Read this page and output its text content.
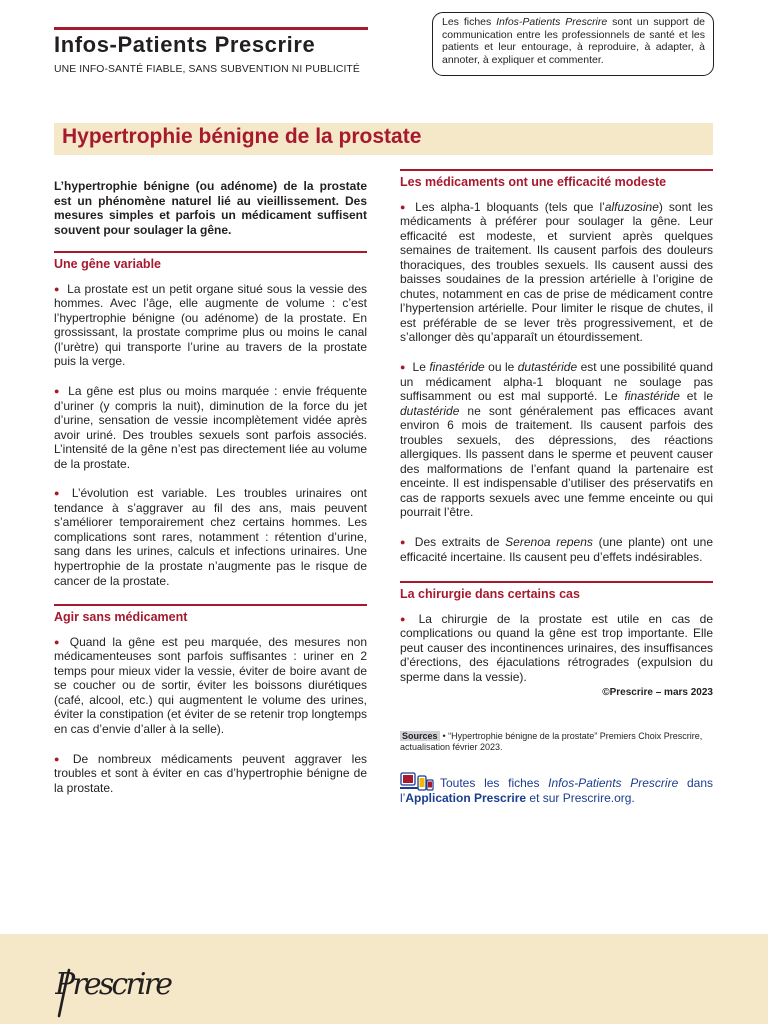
Infos-Patients Prescrire
UNE INFO-SANTÉ FIABLE, SANS SUBVENTION NI PUBLICITÉ
Les fiches Infos-Patients Prescrire sont un support de communication entre les professionnels de santé et les patients et leur entourage, à reproduire, à adapter, à annoter, à expliquer et commenter.
Hypertrophie bénigne de la prostate

L’hypertrophie bénigne (ou adénome) de la prostate est un phénomène naturel lié au vieillissement. Des mesures simples et parfois un médicament suffisent souvent pour soulager la gêne.

Une gêne variable

● La prostate est un petit organe situé sous la vessie des hommes. Avec l’âge, elle augmente de volume : c’est l’hypertrophie bénigne (ou adénome) de la prostate. En grossissant, la prostate comprime plus ou moins le canal (l’urètre) qui transporte l’urine au travers de la prostate puis la verge.

● La gêne est plus ou moins marquée : envie fréquente d’uriner (y compris la nuit), diminution de la force du jet d’urine, sensation de vessie incomplètement vidée après avoir uriné. Des troubles sexuels sont parfois associés. L’intensité de la gêne n’est pas directement liée au volume de la prostate.

● L’évolution est variable. Les troubles urinaires ont tendance à s’aggraver au fil des ans, mais peuvent s’améliorer temporairement chez certains hommes. Les complications sont rares, notamment : rétention d’urine, sang dans les urines, calculs et infections urinaires. Une hypertrophie de la prostate n’augmente pas le risque de cancer de la prostate.

Agir sans médicament

● Quand la gêne est peu marquée, des mesures non médicamenteuses sont parfois suffisantes : uriner en 2 temps pour mieux vider la vessie, éviter de boire avant de se coucher ou de sortir, éviter les boissons diurétiques (café, alcool, etc.) qui augmentent le volume des urines, éviter la constipation (et éviter de se retenir trop longtemps en cas d’envie d’aller à la selle).

● De nombreux médicaments peuvent aggraver les troubles et sont à éviter en cas d’hypertrophie bénigne de la prostate.

Les médicaments ont une efficacité modeste

● Les alpha-1 bloquants (tels que l’alfuzosine) sont les médicaments à préférer pour soulager la gêne. Leur efficacité est modeste, et survient après quelques semaines de traitement. Ils causent parfois des douleurs thoraciques, des troubles sexuels. Ils causent aussi des baisses soudaines de la pression artérielle à l’origine de chutes, notamment en cas de prise de médicament contre l’hypertension artérielle. Pour limiter le risque de chutes, il est préférable de se lever très progressivement, et de s’allonger dès qu’apparaît un étourdissement.

● Le finastéride ou le dutastéride est une possibilité quand un médicament alpha-1 bloquant ne soulage pas suffisamment ou est mal supporté. Le finastéride et le dutastéride ne sont généralement pas efficaces avant environ 6 mois de traitement. Ils causent parfois des troubles sexuels, des dépressions, des réactions allergiques. Ils passent dans le sperme et peuvent causer des malformations de l’enfant quand la partenaire est enceinte. Il est indispensable d’utiliser des préservatifs en cas de rapports sexuels avec une femme enceinte ou qui pourrait l’être.

● Des extraits de Serenoa repens (une plante) ont une efficacité incertaine. Ils causent peu d’effets indésirables.

La chirurgie dans certains cas

● La chirurgie de la prostate est utile en cas de complications ou quand la gêne est trop importante. Elle peut causer des incontinences urinaires, des insuffisances d’érections, des éjaculations rétrogrades (expulsion du sperme dans la vessie).

©Prescrire – mars 2023

Sources • “Hypertrophie bénigne de la prostate” Premiers Choix Prescrire, actualisation février 2023.
Toutes les fiches Infos-Patients Prescrire dans l’Application Prescrire et sur Prescrire.org.
Prescrire
